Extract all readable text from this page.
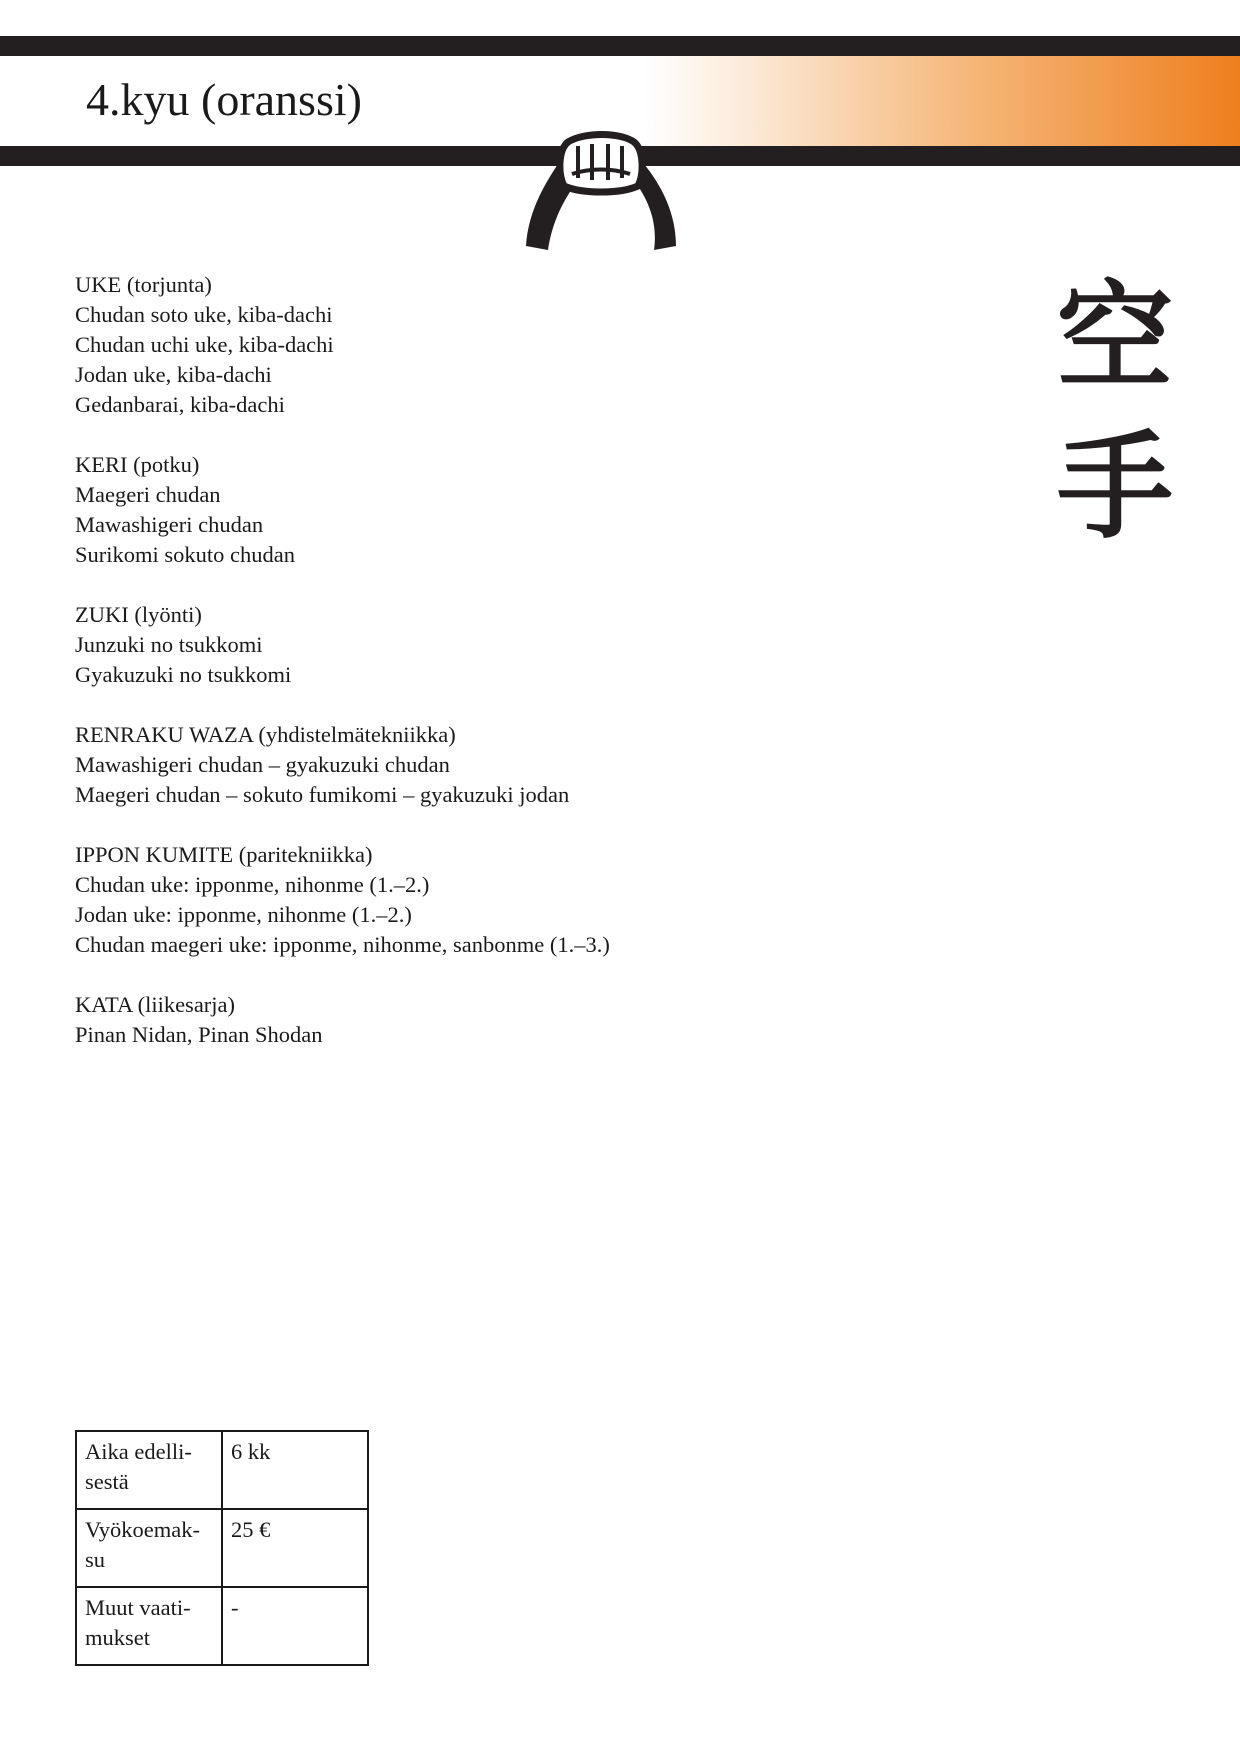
4.kyu (oranssi)
空
手
UKE (torjunta)
Chudan soto uke, kiba-dachi
Chudan uchi uke, kiba-dachi
Jodan uke, kiba-dachi
Gedanbarai, kiba-dachi
KERI (potku)
Maegeri chudan
Mawashigeri chudan
Surikomi sokuto chudan
ZUKI (lyönti)
Junzuki no tsukkomi
Gyakuzuki no tsukkomi
RENRAKU WAZA (yhdistelmätekniikka)
Mawashigeri chudan – gyakuzuki chudan
Maegeri chudan – sokuto fumikomi – gyakuzuki jodan
IPPON KUMITE (paritekniikka)
Chudan uke: ipponme, nihonme (1.–2.)
Jodan uke: ipponme, nihonme (1.–2.)
Chudan maegeri uke: ipponme, nihonme, sanbonme (1.–3.)
KATA (liikesarja)
Pinan Nidan, Pinan Shodan
Aika edelli-
sestä	6 kk
Vyökoemak-
su	25 €
Muut vaati-
mukset	-
